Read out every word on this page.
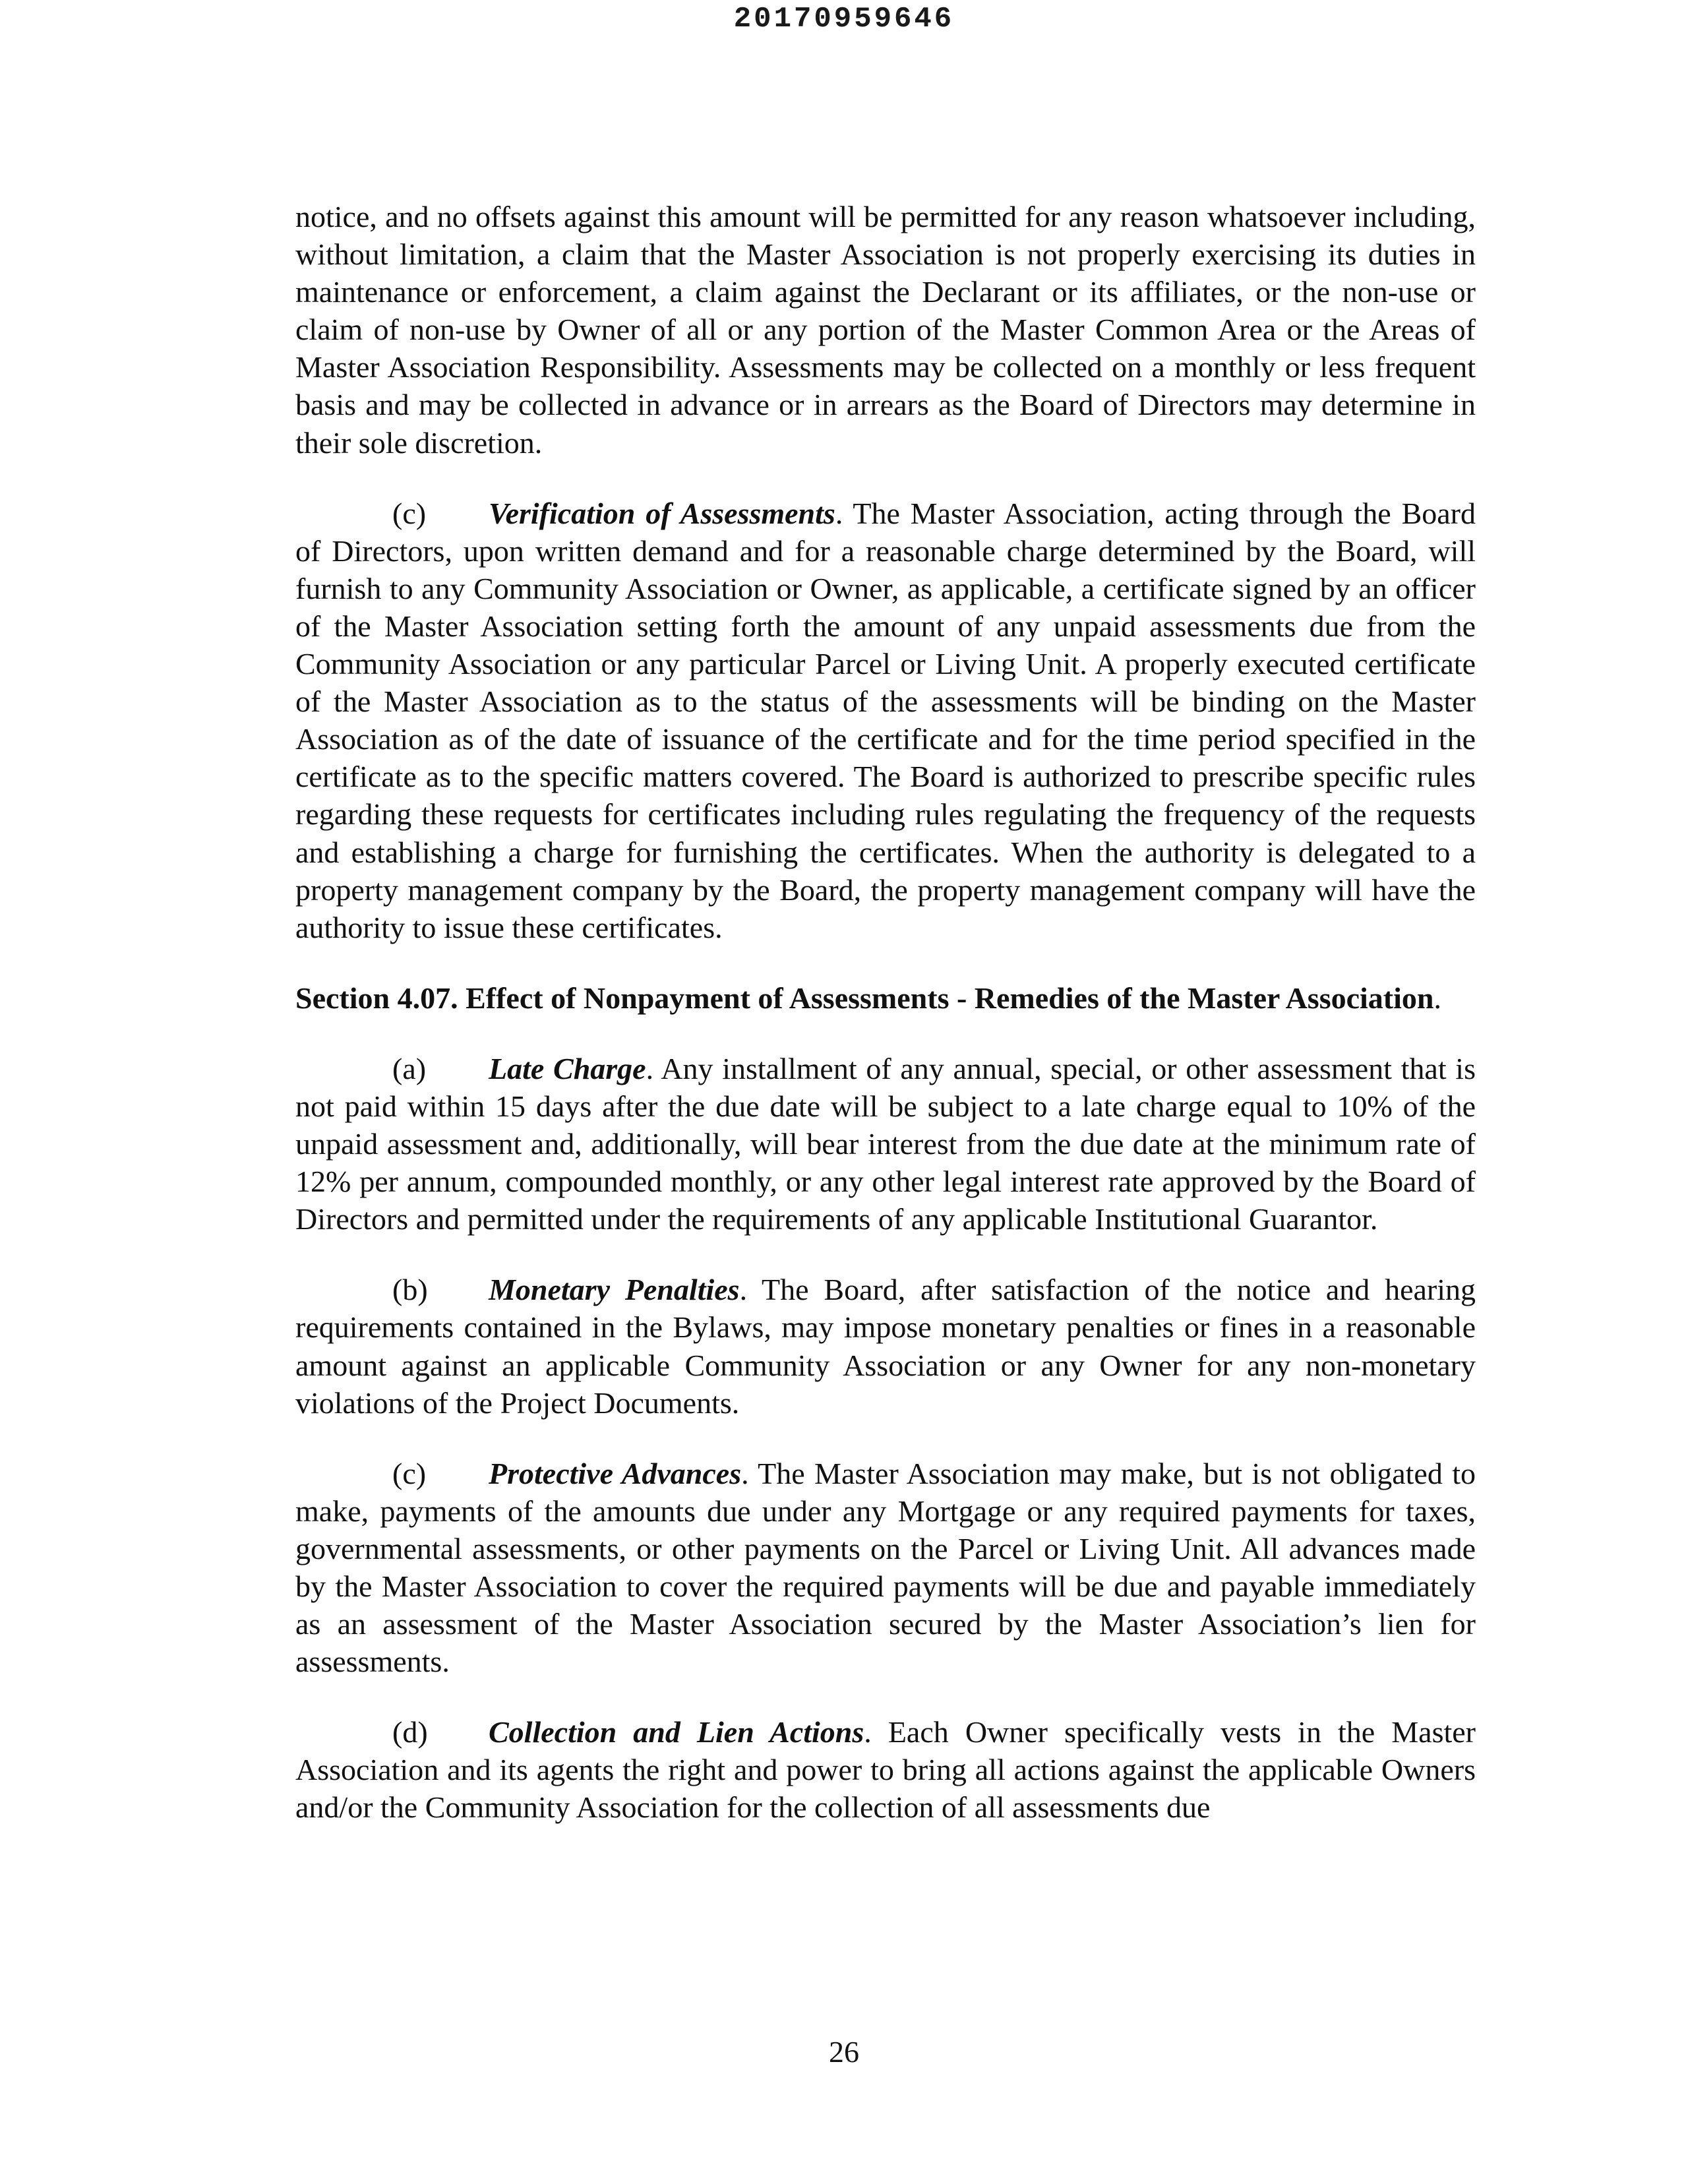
20170959646

notice, and no offsets against this amount will be permitted for any reason whatsoever including, without limitation, a claim that the Master Association is not properly exercising its duties in maintenance or enforcement, a claim against the Declarant or its affiliates, or the non-use or claim of non-use by Owner of all or any portion of the Master Common Area or the Areas of Master Association Responsibility. Assessments may be collected on a monthly or less frequent basis and may be collected in advance or in arrears as the Board of Directors may determine in their sole discretion.

(c) Verification of Assessments. The Master Association, acting through the Board of Directors, upon written demand and for a reasonable charge determined by the Board, will furnish to any Community Association or Owner, as applicable, a certificate signed by an officer of the Master Association setting forth the amount of any unpaid assessments due from the Community Association or any particular Parcel or Living Unit. A properly executed certificate of the Master Association as to the status of the assessments will be binding on the Master Association as of the date of issuance of the certificate and for the time period specified in the certificate as to the specific matters covered. The Board is authorized to prescribe specific rules regarding these requests for certificates including rules regulating the frequency of the requests and establishing a charge for furnishing the certificates. When the authority is delegated to a property management company by the Board, the property management company will have the authority to issue these certificates.

Section 4.07. Effect of Nonpayment of Assessments - Remedies of the Master Association.

(a) Late Charge. Any installment of any annual, special, or other assessment that is not paid within 15 days after the due date will be subject to a late charge equal to 10% of the unpaid assessment and, additionally, will bear interest from the due date at the minimum rate of 12% per annum, compounded monthly, or any other legal interest rate approved by the Board of Directors and permitted under the requirements of any applicable Institutional Guarantor.

(b) Monetary Penalties. The Board, after satisfaction of the notice and hearing requirements contained in the Bylaws, may impose monetary penalties or fines in a reasonable amount against an applicable Community Association or any Owner for any non-monetary violations of the Project Documents.

(c) Protective Advances. The Master Association may make, but is not obligated to make, payments of the amounts due under any Mortgage or any required payments for taxes, governmental assessments, or other payments on the Parcel or Living Unit. All advances made by the Master Association to cover the required payments will be due and payable immediately as an assessment of the Master Association secured by the Master Association’s lien for assessments.

(d) Collection and Lien Actions. Each Owner specifically vests in the Master Association and its agents the right and power to bring all actions against the applicable Owners and/or the Community Association for the collection of all assessments due

26
